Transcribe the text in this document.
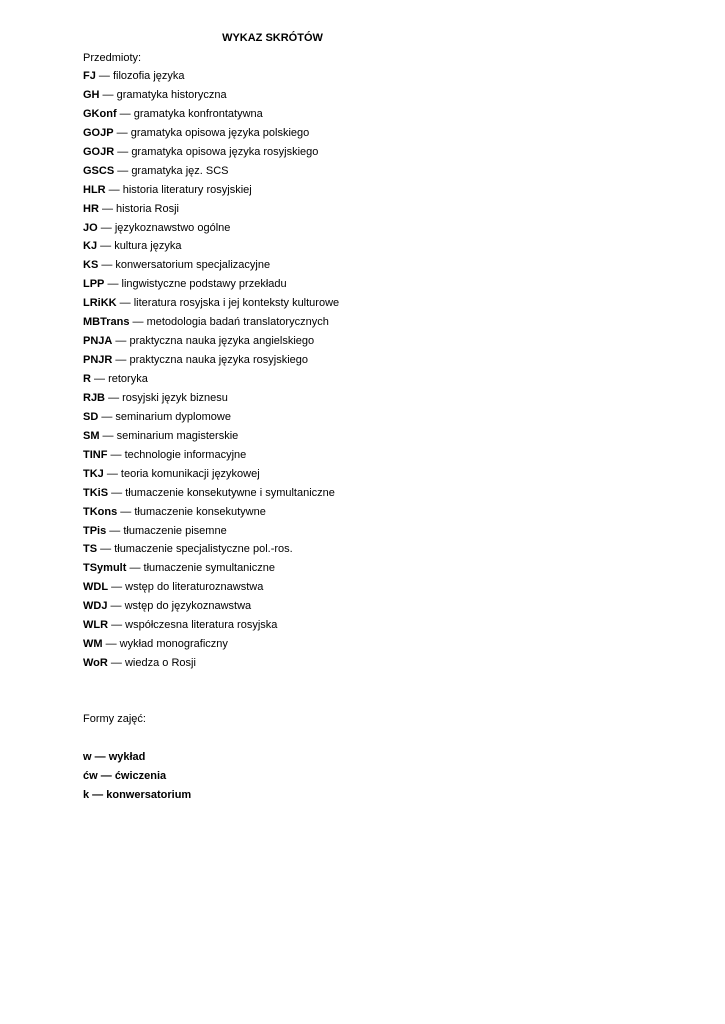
WYKAZ SKRÓTÓW
Przedmioty:
FJ — filozofia języka
GH — gramatyka historyczna
GKonf — gramatyka konfrontatywna
GOJP — gramatyka opisowa języka polskiego
GOJR — gramatyka opisowa języka rosyjskiego
GSCS — gramatyka jęz. SCS
HLR — historia literatury rosyjskiej
HR — historia Rosji
JO — językoznawstwo ogólne
KJ — kultura języka
KS — konwersatorium specjalizacyjne
LPP — lingwistyczne podstawy przekładu
LRiKK — literatura rosyjska i jej konteksty kulturowe
MBTrans — metodologia badań translatorycznych
PNJA — praktyczna nauka języka angielskiego
PNJR — praktyczna nauka języka rosyjskiego
R — retoryka
RJB — rosyjski język biznesu
SD — seminarium dyplomowe
SM — seminarium magisterskie
TINF — technologie informacyjne
TKJ — teoria komunikacji językowej
TKiS — tłumaczenie konsekutywne i symultaniczne
TKons — tłumaczenie konsekutywne
TPis — tłumaczenie pisemne
TS — tłumaczenie specjalistyczne pol.-ros.
TSymult — tłumaczenie symultaniczne
WDL — wstęp do literaturoznawstwa
WDJ — wstęp do językoznawstwa
WLR — współczesna literatura rosyjska
WM — wykład monograficzny
WoR — wiedza o Rosji
Formy zajęć:
w — wykład
ćw — ćwiczenia
k — konwersatorium
